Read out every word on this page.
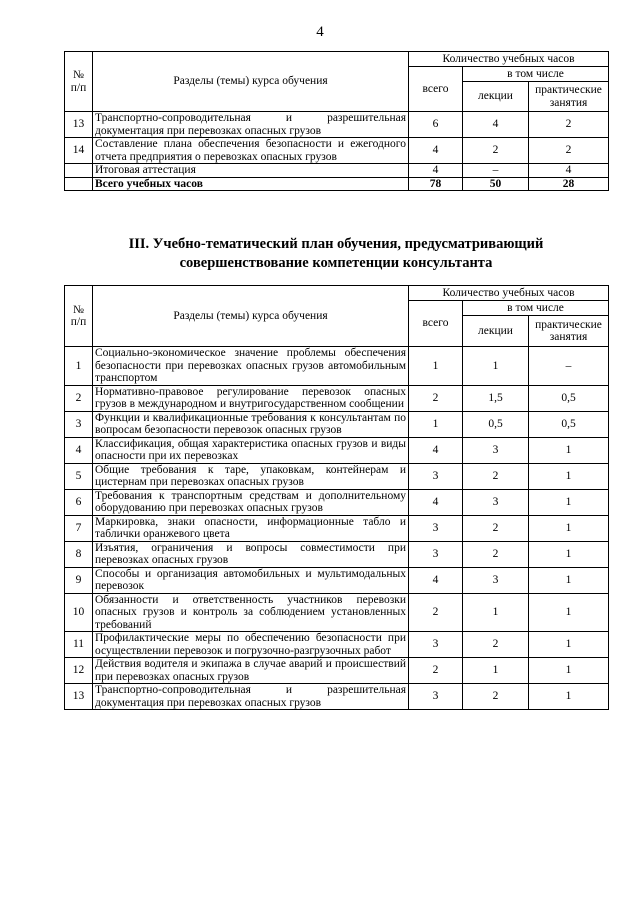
4
№
п/п	Разделы (темы) курса обучения	Количество учебных часов		
		всего	в том числе	
			лекции	практические занятия
13	Транспортно-сопроводительная и разрешительная документация при перевозках опасных грузов	6	4	2
14	Составление плана обеспечения безопасности и ежегодного отчета предприятия о перевозках опасных грузов	4	2	2
	Итоговая аттестация	4	–	4
	Всего учебных часов	78	50	28
III. Учебно-тематический план обучения, предусматривающий совершенствование компетенции консультанта
№
п/п	Разделы (темы) курса обучения	Количество учебных часов		
		всего	в том числе	
			лекции	практические занятия
1	Социально-экономическое значение проблемы обеспечения безопасности при перевозках опасных грузов автомобильным транспортом	1	1	–
2	Нормативно-правовое регулирование перевозок опасных грузов в международном и внутригосударственном сообщении	2	1,5	0,5
3	Функции и квалификационные требования к консультантам по вопросам безопасности перевозок опасных грузов	1	0,5	0,5
4	Классификация, общая характеристика опасных грузов и виды опасности при их перевозках	4	3	1
5	Общие требования к таре, упаковкам, контейнерам и цистернам при перевозках опасных грузов	3	2	1
6	Требования к транспортным средствам и дополнительному оборудованию при перевозках опасных грузов	4	3	1
7	Маркировка, знаки опасности, информационные табло и таблички оранжевого цвета	3	2	1
8	Изъятия, ограничения и вопросы совместимости при перевозках опасных грузов	3	2	1
9	Способы и организация автомобильных и мультимодальных перевозок	4	3	1
10	Обязанности и ответственность участников перевозки опасных грузов и контроль за соблюдением установленных требований	2	1	1
11	Профилактические меры по обеспечению безопасности при осуществлении перевозок и погрузочно-разгрузочных работ	3	2	1
12	Действия водителя и экипажа в случае аварий и происшествий при перевозках опасных грузов	2	1	1
13	Транспортно-сопроводительная и разрешительная документация при перевозках опасных грузов	3	2	1
